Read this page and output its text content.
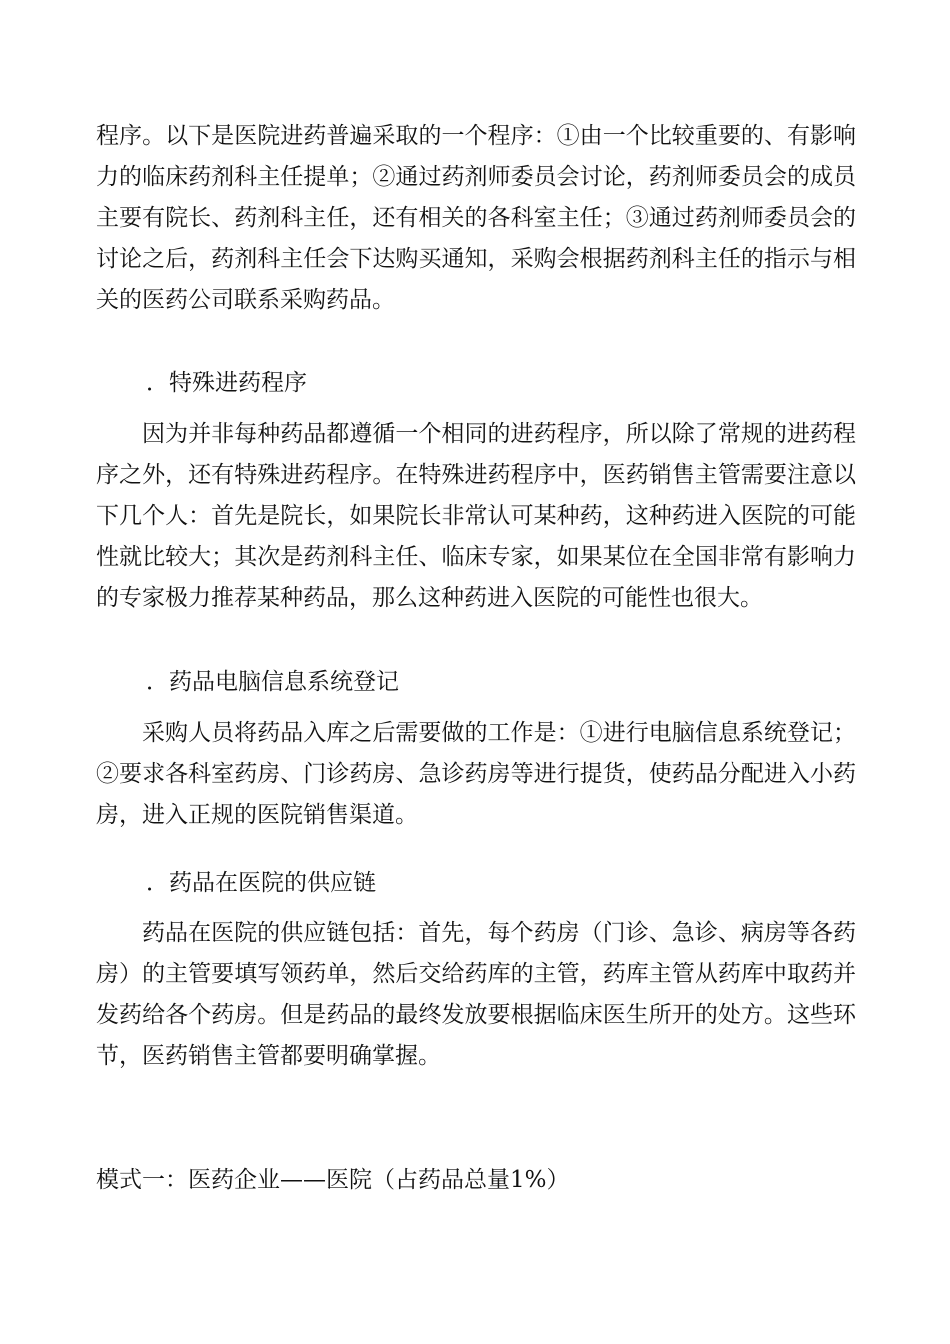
程序。以下是医院进药普遍采取的一个程序：①由一个比较重要的、有影响力的临床药剂科主任提单；②通过药剂师委员会讨论，药剂师委员会的成员主要有院长、药剂科主任，还有相关的各科室主任；③通过药剂师委员会的讨论之后，药剂科主任会下达购买通知，采购会根据药剂科主任的指示与相关的医药公司联系采购药品。

．特殊进药程序

因为并非每种药品都遵循一个相同的进药程序，所以除了常规的进药程序之外，还有特殊进药程序。在特殊进药程序中，医药销售主管需要注意以下几个人：首先是院长，如果院长非常认可某种药，这种药进入医院的可能性就比较大；其次是药剂科主任、临床专家，如果某位在全国非常有影响力的专家极力推荐某种药品，那么这种药进入医院的可能性也很大。

．药品电脑信息系统登记

采购人员将药品入库之后需要做的工作是：①进行电脑信息系统登记；②要求各科室药房、门诊药房、急诊药房等进行提货，使药品分配进入小药房，进入正规的医院销售渠道。

．药品在医院的供应链

药品在医院的供应链包括：首先，每个药房（门诊、急诊、病房等各药房）的主管要填写领药单，然后交给药库的主管，药库主管从药库中取药并发药给各个药房。但是药品的最终发放要根据临床医生所开的处方。这些环节，医药销售主管都要明确掌握。

模式一：医药企业——医院（占药品总量1%）
